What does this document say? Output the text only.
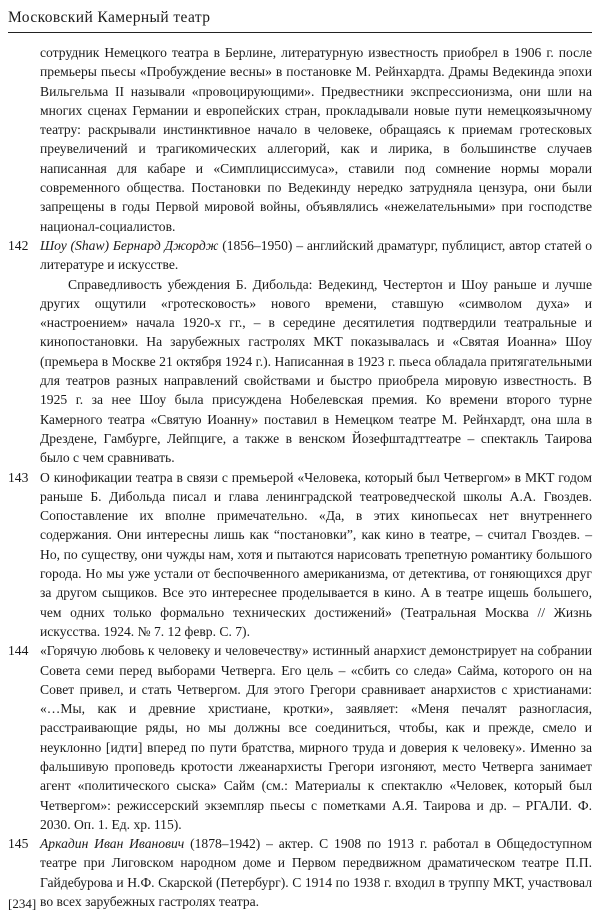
Московский Камерный театр

сотрудник Немецкого театра в Берлине, литературную известность приобрел в 1906 г. после премьеры пьесы «Пробуждение весны» в постановке М. Рейнхардта. Драмы Ведекинда эпохи Вильгельма II называли «провоцирующими». Предвестники экспрессионизма, они шли на многих сценах Германии и европейских стран, прокладывали новые пути немецкоязычному театру: раскрывали инстинктивное начало в человеке, обращаясь к приемам гротесковых преувеличений и трагикомических аллегорий, как и лирика, в большинстве случаев написанная для кабаре и «Симплициссимуса», ставили под сомнение нормы морали современного общества. Постановки по Ведекинду нередко затрудняла цензура, они были запрещены в годы Первой мировой войны, объявлялись «нежелательными» при господстве национал-социалистов.

142 Шоу (Shaw) Бернард Джордж (1856–1950) – английский драматург, публицист, автор статей о литературе и искусстве.

Справедливость убеждения Б. Дибольда: Ведекинд, Честертон и Шоу раньше и лучше других ощутили «гротесковость» нового времени, ставшую «символом духа» и «настроением» начала 1920-х гг., – в середине десятилетия подтвердили театральные и кинопостановки. На зарубежных гастролях МКТ показывалась и «Святая Иоанна» Шоу (премьера в Москве 21 октября 1924 г.). Написанная в 1923 г. пьеса обладала притягательными для театров разных направлений свойствами и быстро приобрела мировую известность. В 1925 г. за нее Шоу была присуждена Нобелевская премия. Ко времени второго турне Камерного театра «Святую Иоанну» поставил в Немецком театре М. Рейнхардт, она шла в Дрездене, Гамбурге, Лейпциге, а также в венском Йозефштадттеатре – спектакль Таирова было с чем сравнивать.

143 О кинофикации театра в связи с премьерой «Человека, который был Четвергом» в МКТ годом раньше Б. Дибольда писал и глава ленинградской театроведческой школы А.А. Гвоздев. Сопоставление их вполне примечательно. «Да, в этих кинопьесах нет внутреннего содержания. Они интересны лишь как “постановки”, как кино в театре, – считал Гвоздев. – Но, по существу, они чужды нам, хотя и пытаются нарисовать трепетную романтику большого города. Но мы уже устали от беспочвенного американизма, от детектива, от гоняющихся друг за другом сыщиков. Все это интереснее проделывается в кино. А в театре ищешь большего, чем одних только формально технических достижений» (Театральная Москва // Жизнь искусства. 1924. № 7. 12 февр. С. 7).

144 «Горячую любовь к человеку и человечеству» истинный анархист демонстрирует на собрании Совета семи перед выборами Четверга. Его цель – «сбить со следа» Сайма, которого он на Совет привел, и стать Четвергом. Для этого Грегори сравнивает анархистов с христианами: «…Мы, как и древние христиане, кротки», заявляет: «Меня печалят разногласия, расстраивающие ряды, но мы должны все соединиться, чтобы, как и прежде, смело и неуклонно [идти] вперед по пути братства, мирного труда и доверия к человеку». Именно за фальшивую проповедь кротости лжеанархисты Грегори изгоняют, место Четверга занимает агент «политического сыска» Сайм (см.: Материалы к спектаклю «Человек, который был Четвергом»: режиссерский экземпляр пьесы с пометками А.Я. Таирова и др. – РГАЛИ. Ф. 2030. Оп. 1. Ед. хр. 115).

145 Аркадин Иван Иванович (1878–1942) – актер. С 1908 по 1913 г. работал в Общедоступном театре при Лиговском народном доме и Первом передвижном драматическом театре П.П. Гайдебурова и Н.Ф. Скарской (Петербург). С 1914 по 1938 г. входил в труппу МКТ, участвовал во всех зарубежных гастролях театра.

[234]
